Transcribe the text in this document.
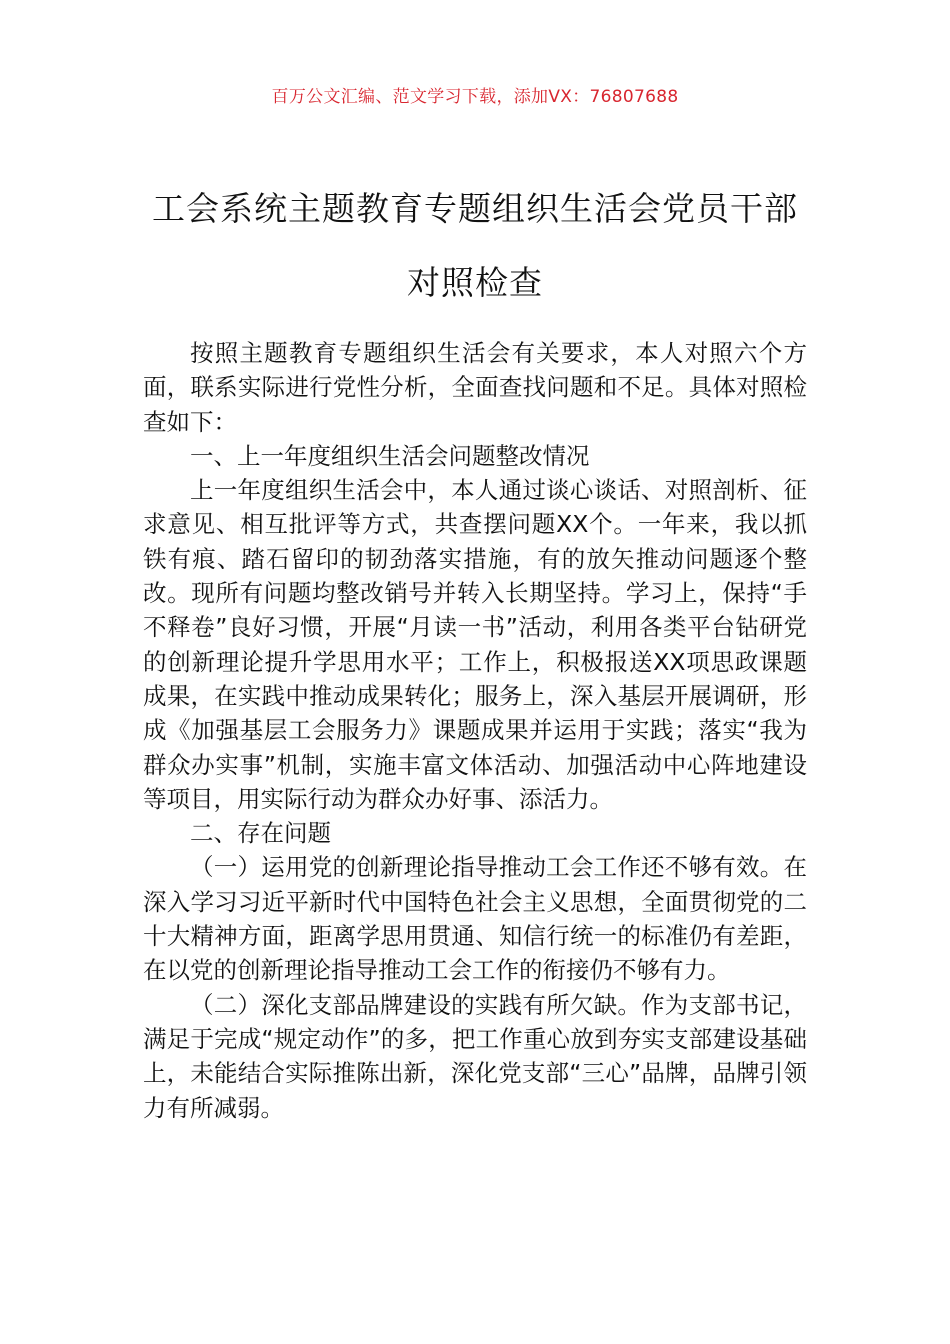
百万公文汇编、范文学习下载，添加VX：76807688
工会系统主题教育专题组织生活会党员干部对照检查

按照主题教育专题组织生活会有关要求，本人对照六个方面，联系实际进行党性分析，全面查找问题和不足。具体对照检查如下：

一、上一年度组织生活会问题整改情况

上一年度组织生活会中，本人通过谈心谈话、对照剖析、征求意见、相互批评等方式，共查摆问题XX个。一年来，我以抓铁有痕、踏石留印的韧劲落实措施，有的放矢推动问题逐个整改。现所有问题均整改销号并转入长期坚持。学习上，保持“手不释卷”良好习惯，开展“月读一书”活动，利用各类平台钻研党的创新理论提升学思用水平；工作上，积极报送XX项思政课题成果，在实践中推动成果转化；服务上，深入基层开展调研，形成《加强基层工会服务力》课题成果并运用于实践；落实“我为群众办实事”机制，实施丰富文体活动、加强活动中心阵地建设等项目，用实际行动为群众办好事、添活力。

二、存在问题

（一）运用党的创新理论指导推动工会工作还不够有效。在深入学习习近平新时代中国特色社会主义思想，全面贯彻党的二十大精神方面，距离学思用贯通、知信行统一的标准仍有差距，在以党的创新理论指导推动工会工作的衔接仍不够有力。

（二）深化支部品牌建设的实践有所欠缺。作为支部书记，满足于完成“规定动作”的多，把工作重心放到夯实支部建设基础上，未能结合实际推陈出新，深化党支部“三心”品牌，品牌引领力有所减弱。
